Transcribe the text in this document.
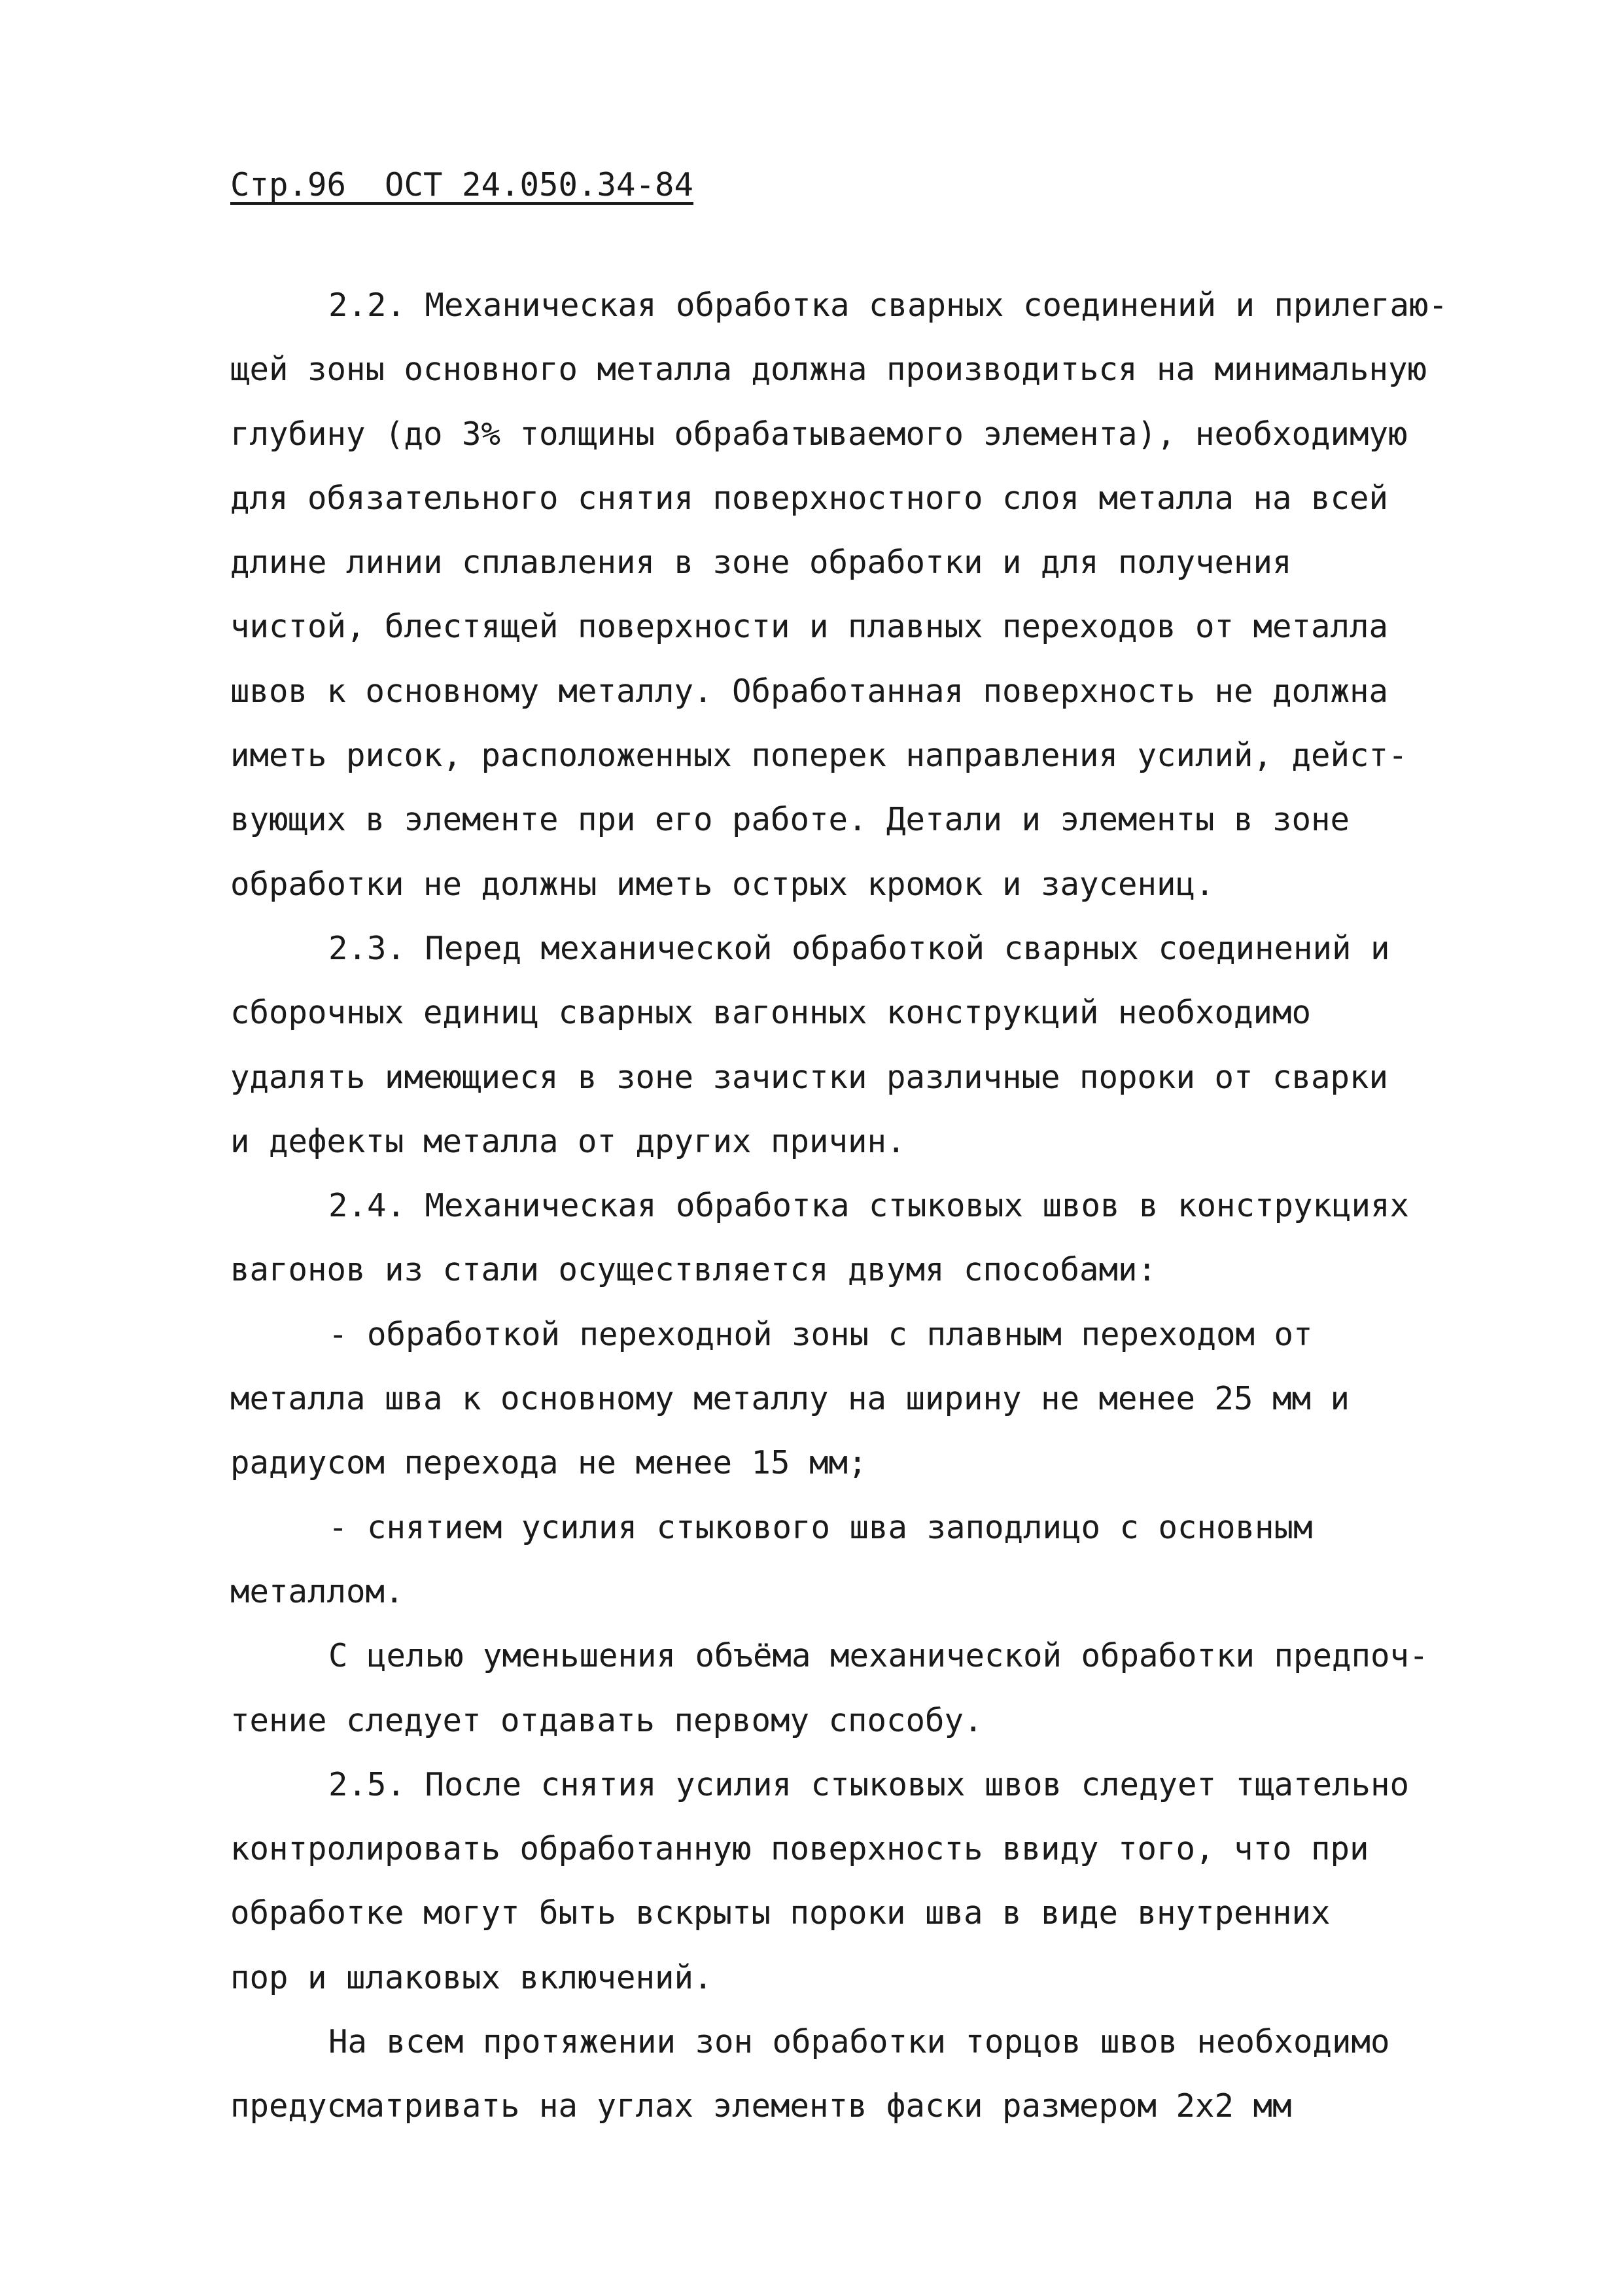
Стр.96  ОСТ 24.050.34-84
2.2. Механическая обработка сварных соединений и прилегаю-
щей зоны основного металла должна производиться на минимальную
глубину (до 3% толщины обрабатываемого элемента), необходимую
для обязательного снятия поверхностного слоя металла на всей
длине линии сплавления в зоне обработки и для получения
чистой, блестящей поверхности и плавных переходов от металла
швов к основному металлу. Обработанная поверхность не должна
иметь рисок, расположенных поперек направления усилий, дейст-
вующих в элементе при его работе. Детали и элементы в зоне
обработки не должны иметь острых кромок и заусениц.
2.3. Перед механической обработкой сварных соединений и
сборочных единиц сварных вагонных конструкций необходимо
удалять имеющиеся в зоне зачистки различные пороки от сварки
и дефекты металла от других причин.
2.4. Механическая обработка стыковых швов в конструкциях
вагонов из стали осуществляется двумя способами:
- обработкой переходной зоны с плавным переходом от
металла шва к основному металлу на ширину не менее 25 мм и
радиусом перехода не менее 15 мм;
- снятием усилия стыкового шва заподлицо с основным
металлом.
С целью уменьшения объёма механической обработки предпоч-
тение следует отдавать первому способу.
2.5. После снятия усилия стыковых швов следует тщательно
контролировать обработанную поверхность ввиду того, что при
обработке могут быть вскрыты пороки шва в виде внутренних
пор и шлаковых включений.
На всем протяжении зон обработки торцов швов необходимо
предусматривать на углах элементв фаски размером 2х2 мм
